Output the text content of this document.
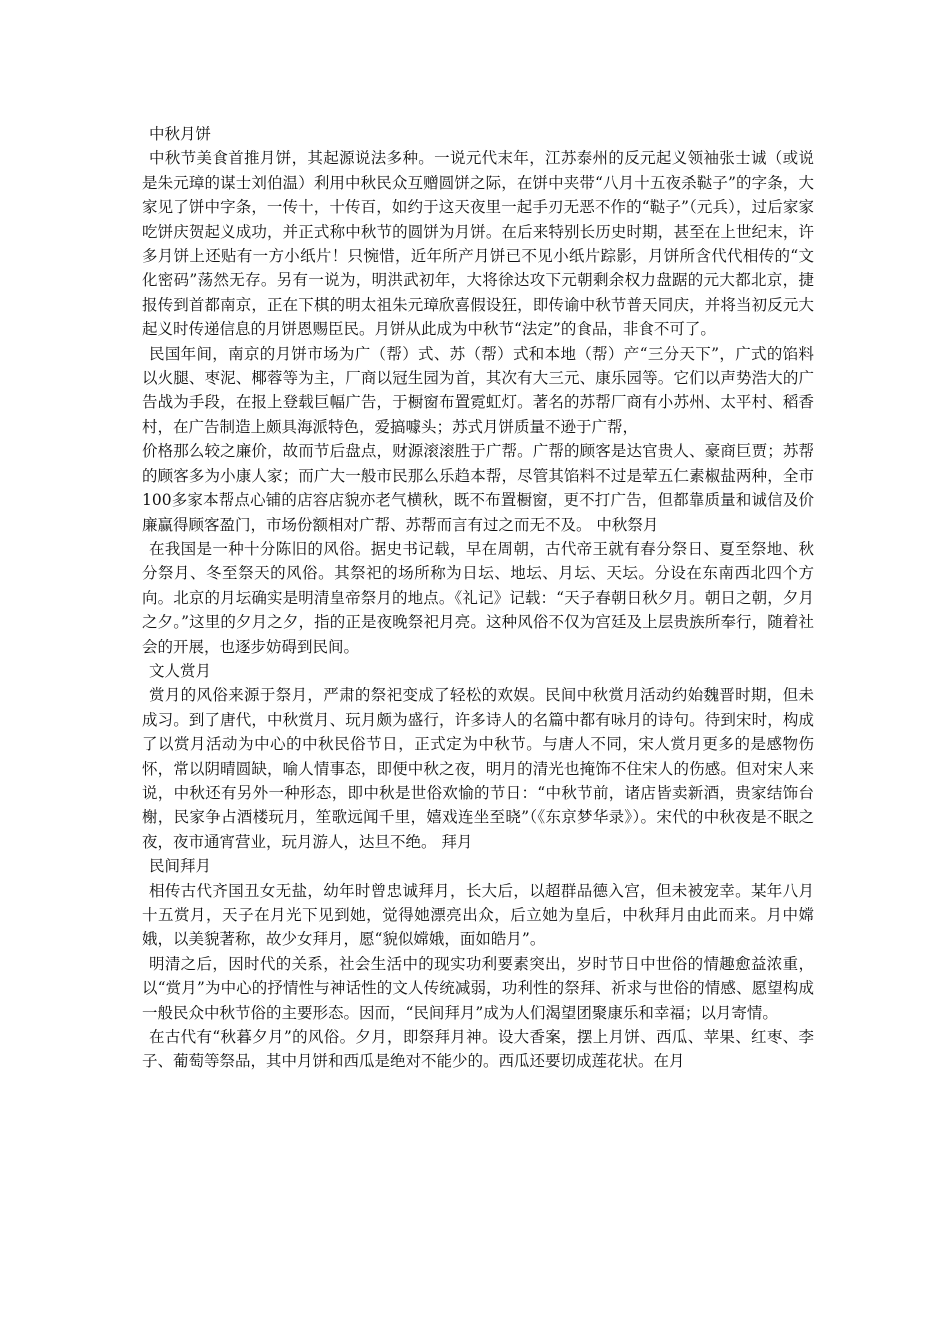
中秋月饼

中秋节美食首推月饼，其起源说法多种。一说元代末年，江苏泰州的反元起义领袖张士诚（或说是朱元璋的谋士刘伯温）利用中秋民众互赠圆饼之际，在饼中夹带“八月十五夜杀鞑子”的字条，大家见了饼中字条，一传十，十传百，如约于这天夜里一起手刃无恶不作的“鞑子”（元兵），过后家家吃饼庆贺起义成功，并正式称中秋节的圆饼为月饼。在后来特别长历史时期，甚至在上世纪末，许多月饼上还贴有一方小纸片！只惋惜，近年所产月饼已不见小纸片踪影，月饼所含代代相传的“文化密码”荡然无存。另有一说为，明洪武初年，大将徐达攻下元朝剩余权力盘踞的元大都北京，捷报传到首都南京，正在下棋的明太祖朱元璋欣喜假设狂，即传谕中秋节普天同庆，并将当初反元大起义时传递信息的月饼恩赐臣民。月饼从此成为中秋节“法定”的食品，非食不可了。

民国年间，南京的月饼市场为广（帮）式、苏（帮）式和本地（帮）产“三分天下”，广式的馅料以火腿、枣泥、椰蓉等为主，厂商以冠生园为首，其次有大三元、康乐园等。它们以声势浩大的广告战为手段，在报上登载巨幅广告，于橱窗布置霓虹灯。著名的苏帮厂商有小苏州、太平村、稻香村，在广告制造上颇具海派特色，爱搞噱头；苏式月饼质量不逊于广帮，

价格那么较之廉价，故而节后盘点，财源滚滚胜于广帮。广帮的顾客是达官贵人、豪商巨贾；苏帮的顾客多为小康人家；而广大一般市民那么乐趋本帮，尽管其馅料不过是荤五仁素椒盐两种，全市100多家本帮点心铺的店容店貌亦老气横秋，既不布置橱窗，更不打广告，但都靠质量和诚信及价廉赢得顾客盈门，市场份额相对广帮、苏帮而言有过之而无不及。 中秋祭月

在我国是一种十分陈旧的风俗。据史书记载，早在周朝，古代帝王就有春分祭日、夏至祭地、秋分祭月、冬至祭天的风俗。其祭祀的场所称为日坛、地坛、月坛、天坛。分设在东南西北四个方向。北京的月坛确实是明清皇帝祭月的地点。《礼记》记载：“天子春朝日秋夕月。朝日之朝，夕月之夕。”这里的夕月之夕，指的正是夜晚祭祀月亮。这种风俗不仅为宫廷及上层贵族所奉行，随着社会的开展，也逐步妨碍到民间。

文人赏月

赏月的风俗来源于祭月，严肃的祭祀变成了轻松的欢娱。民间中秋赏月活动约始魏晋时期，但未成习。到了唐代，中秋赏月、玩月颇为盛行，许多诗人的名篇中都有咏月的诗句。待到宋时，构成了以赏月活动为中心的中秋民俗节日，正式定为中秋节。与唐人不同，宋人赏月更多的是感物伤怀，常以阴晴圆缺，喻人情事态，即便中秋之夜，明月的清光也掩饰不住宋人的伤感。但对宋人来说，中秋还有另外一种形态，即中秋是世俗欢愉的节日：“中秋节前，诸店皆卖新酒，贵家结饰台榭，民家争占酒楼玩月，笙歌远闻千里，嬉戏连坐至晓”（《东京梦华录》）。宋代的中秋夜是不眠之夜，夜市通宵营业，玩月游人，达旦不绝。 拜月

民间拜月

相传古代齐国丑女无盐，幼年时曾忠诚拜月，长大后，以超群品德入宫，但未被宠幸。某年八月十五赏月，天子在月光下见到她，觉得她漂亮出众，后立她为皇后，中秋拜月由此而来。月中嫦娥，以美貌著称，故少女拜月，愿“貌似嫦娥，面如皓月”。

明清之后，因时代的关系，社会生活中的现实功利要素突出，岁时节日中世俗的情趣愈益浓重，以“赏月”为中心的抒情性与神话性的文人传统减弱，功利性的祭拜、祈求与世俗的情感、愿望构成一般民众中秋节俗的主要形态。因而，“民间拜月”成为人们渴望团聚康乐和幸福；以月寄情。

在古代有“秋暮夕月”的风俗。夕月，即祭拜月神。设大香案，摆上月饼、西瓜、苹果、红枣、李子、葡萄等祭品，其中月饼和西瓜是绝对不能少的。西瓜还要切成莲花状。在月
